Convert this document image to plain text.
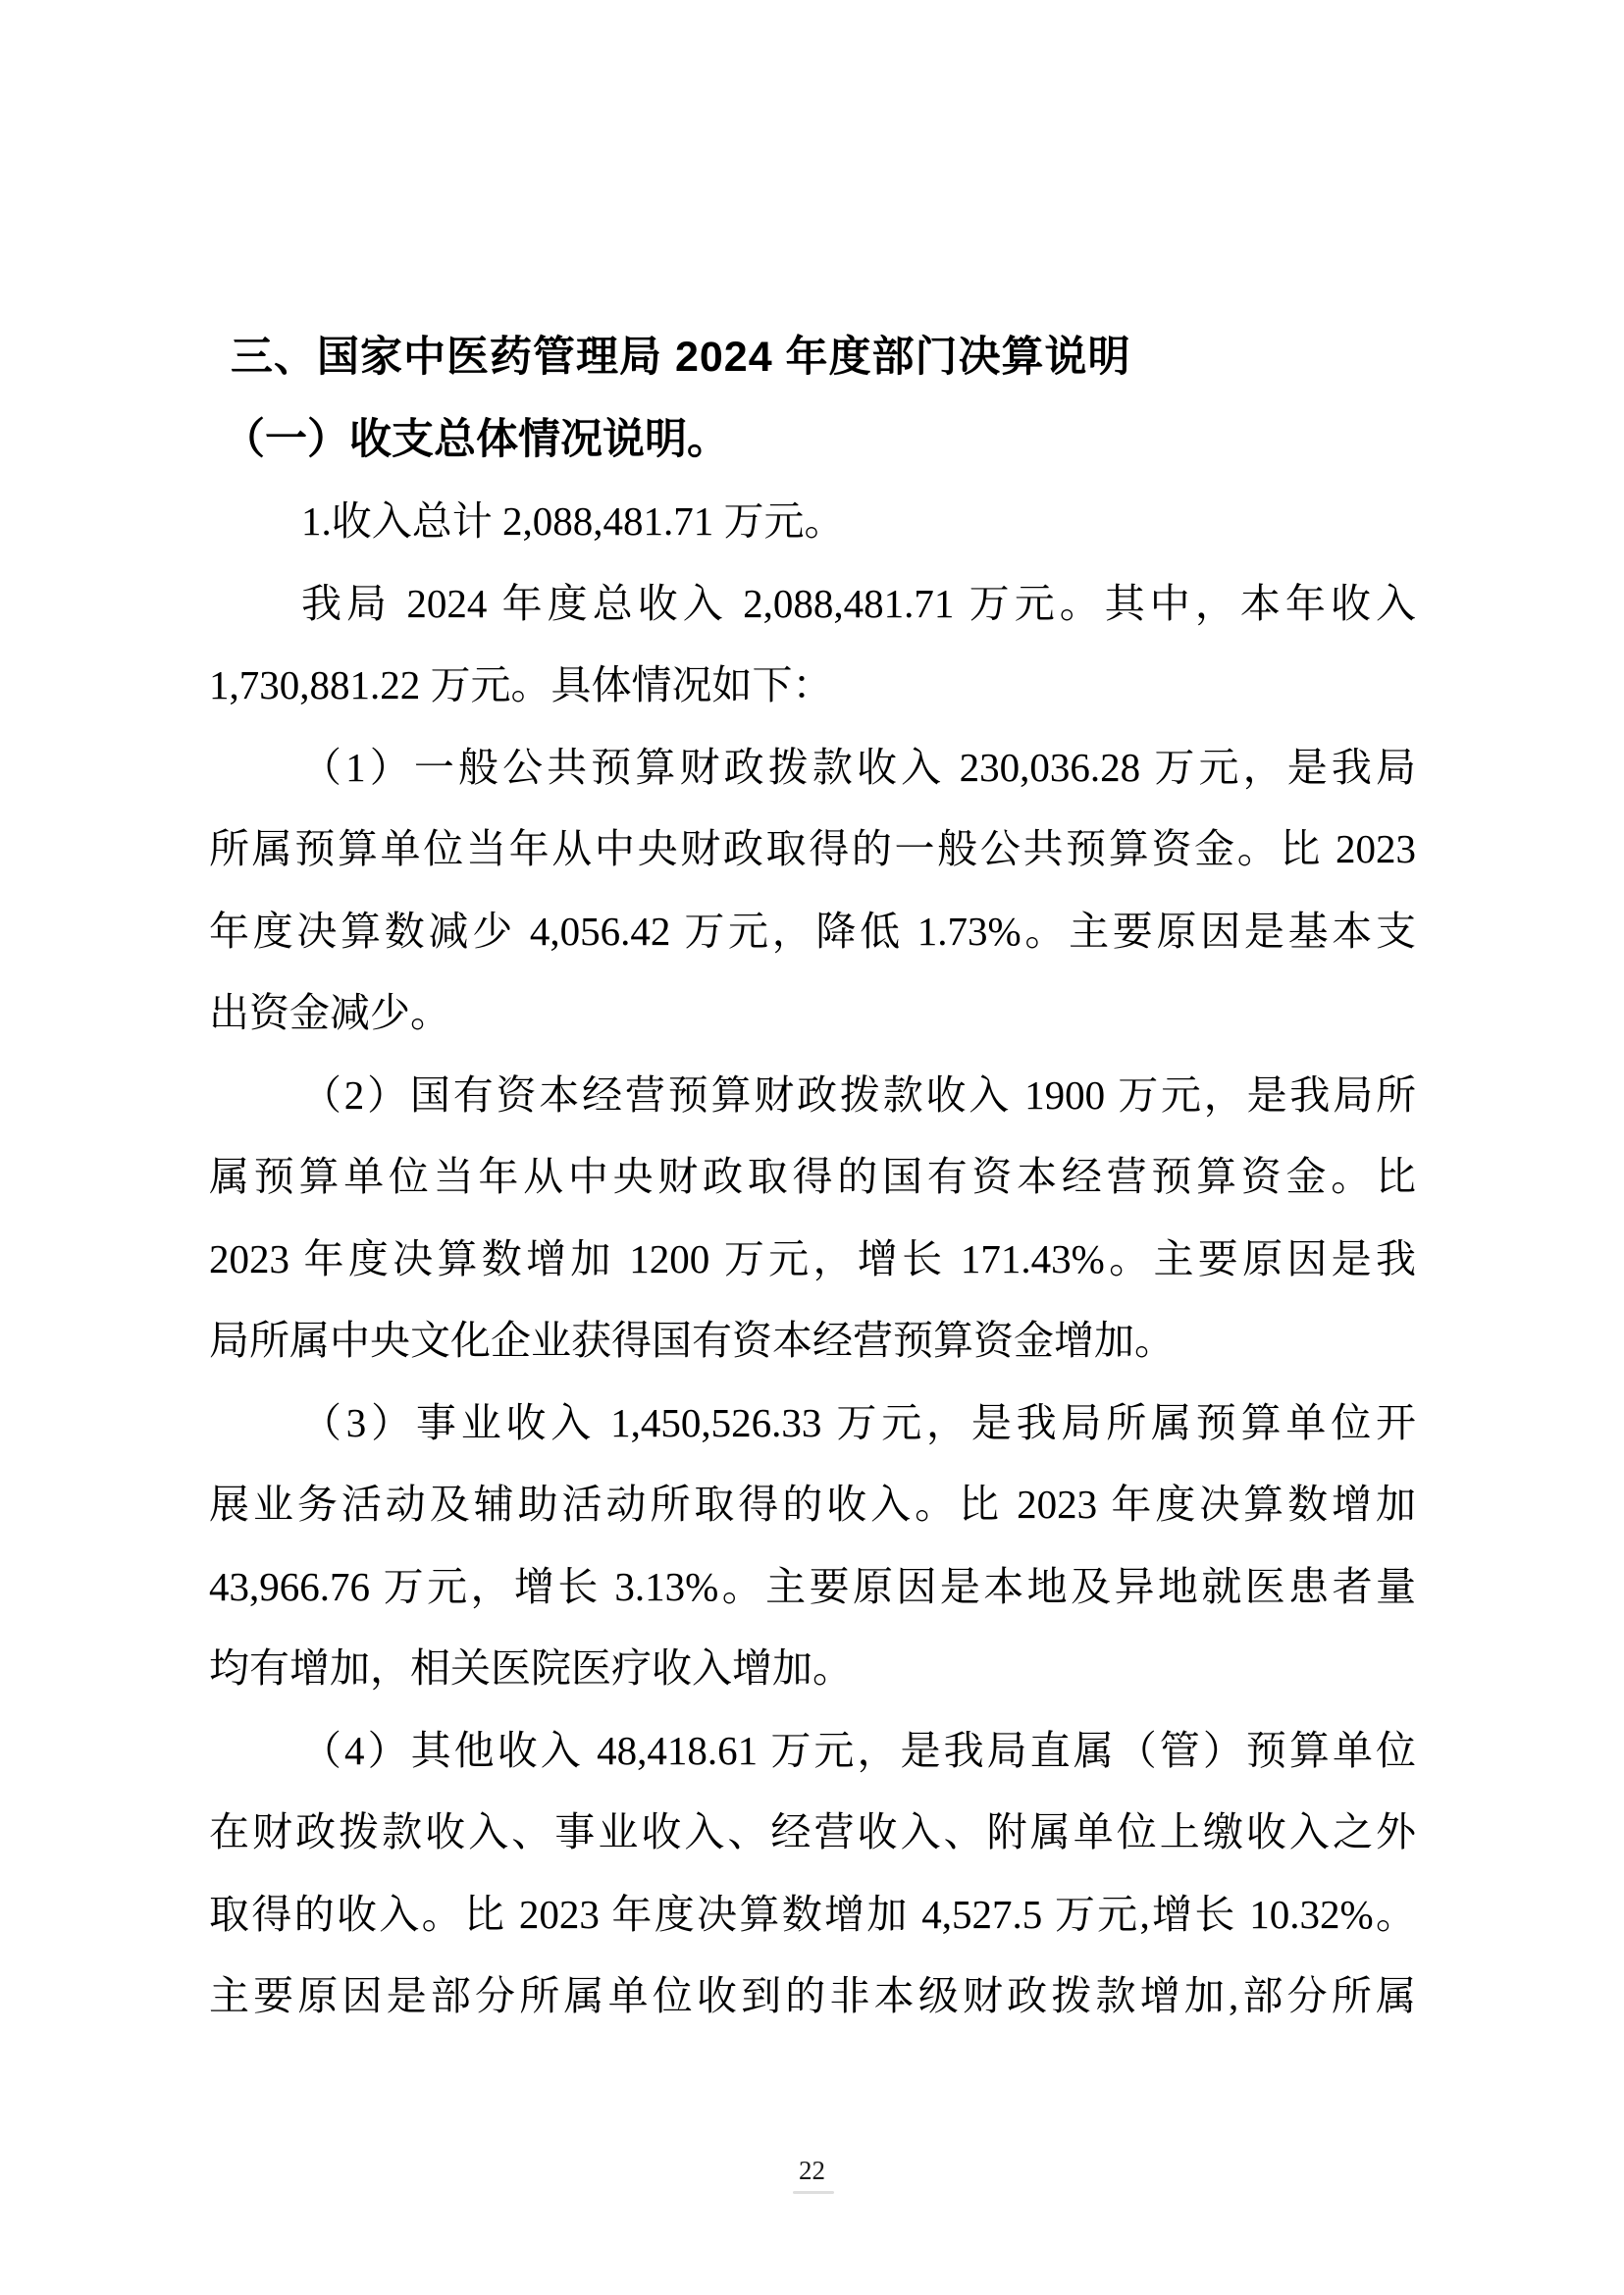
三、国家中医药管理局 2024 年度部门决算说明
（一）收支总体情况说明。
1.收入总计 2,088,481.71 万元。
我局 2024 年度总收入 2,088,481.71 万元。其中，本年收入
1,730,881.22 万元。具体情况如下：
（1）一般公共预算财政拨款收入 230,036.28 万元，是我局
所属预算单位当年从中央财政取得的一般公共预算资金。比 2023
年度决算数减少 4,056.42 万元，降低 1.73%。主要原因是基本支
出资金减少。
（2）国有资本经营预算财政拨款收入 1900 万元，是我局所
属预算单位当年从中央财政取得的国有资本经营预算资金。比
2023 年度决算数增加 1200 万元，增长 171.43%。主要原因是我
局所属中央文化企业获得国有资本经营预算资金增加。
（3）事业收入 1,450,526.33 万元，是我局所属预算单位开
展业务活动及辅助活动所取得的收入。比 2023 年度决算数增加
43,966.76 万元，增长 3.13%。主要原因是本地及异地就医患者量
均有增加，相关医院医疗收入增加。
（4）其他收入 48,418.61 万元，是我局直属（管）预算单位
在财政拨款收入、事业收入、经营收入、附属单位上缴收入之外
取得的收入。比 2023 年度决算数增加 4,527.5 万元,增长 10.32%。
主要原因是部分所属单位收到的非本级财政拨款增加,部分所属
22
